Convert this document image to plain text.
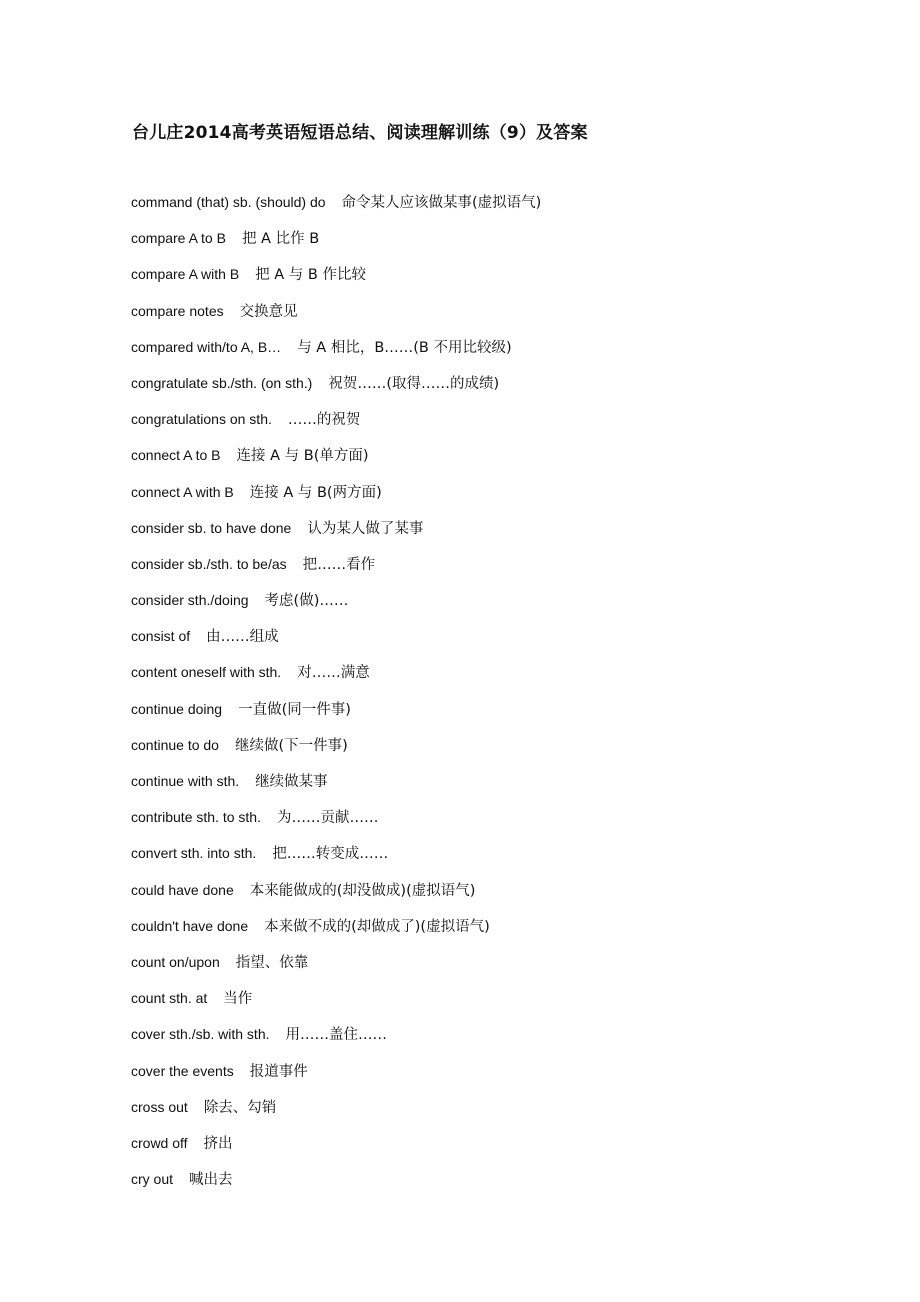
台儿庄2014高考英语短语总结、阅读理解训练（9）及答案
command (that) sb. (should) do 命令某人应该做某事(虚拟语气)
compare A to B 把 A 比作 B
compare A with B 把 A 与 B 作比较
compare notes 交换意见
compared with/to A, B… 与 A 相比，B……(B 不用比较级)
congratulate sb./sth. (on sth.) 祝贺……(取得……的成绩)
congratulations on sth. ……的祝贺
connect A to B 连接 A 与 B(单方面)
connect A with B 连接 A 与 B(两方面)
consider sb. to have done 认为某人做了某事
consider sb./sth. to be/as 把……看作
consider sth./doing 考虑(做)……
consist of 由……组成
content oneself with sth. 对……满意
continue doing 一直做(同一件事)
continue to do 继续做(下一件事)
continue with sth. 继续做某事
contribute sth. to sth. 为……贡献……
convert sth. into sth. 把……转变成……
could have done 本来能做成的(却没做成)(虚拟语气)
couldn't have done 本来做不成的(却做成了)(虚拟语气)
count on/upon 指望、依靠
count sth. at 当作
cover sth./sb. with sth. 用……盖住……
cover the events 报道事件
cross out 除去、勾销
crowd off 挤出
cry out 喊出去
